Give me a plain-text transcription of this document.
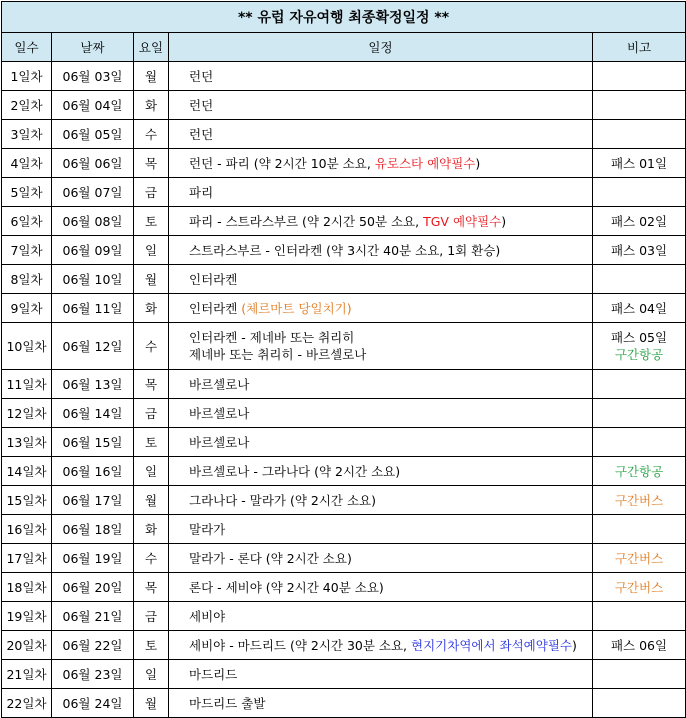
** 유럽 자유여행 최종확정일정 **				
일수	날짜	요일	일정	비고
1일차	06월 03일	월	런던	

2일차	06월 04일	화	런던	

3일차	06월 05일	수	런던	

4일차	06월 06일	목	런던 - 파리 (약 2시간 10분 소요, 유로스타 예약필수)	패스 01일

5일차	06월 07일	금	파리	

6일차	06월 08일	토	파리 - 스트라스부르 (약 2시간 50분 소요, TGV 예약필수)	패스 02일

7일차	06월 09일	일	스트라스부르 - 인터라켄 (약 3시간 40분 소요, 1회 환승)	패스 03일

8일차	06월 10일	월	인터라켄	

9일차	06월 11일	화	인터라켄 (체르마트 당일치기)	패스 04일

10일차	06월 12일	수	인터라켄 - 제네바 또는 취리히
제네바 또는 취리히 - 바르셀로나	패스 05일
구간항공

11일차	06월 13일	목	바르셀로나	

12일차	06월 14일	금	바르셀로나	

13일차	06월 15일	토	바르셀로나	

14일차	06월 16일	일	바르셀로나 - 그라나다 (약 2시간 소요)	구간항공

15일차	06월 17일	월	그라나다 - 말라가 (약 2시간 소요)	구간버스

16일차	06월 18일	화	말라가	

17일차	06월 19일	수	말라가 - 론다 (약 2시간 소요)	구간버스

18일차	06월 20일	목	론다 - 세비야 (약 2시간 40분 소요)	구간버스

19일차	06월 21일	금	세비야	

20일차	06월 22일	토	세비야 - 마드리드 (약 2시간 30분 소요, 현지기차역에서 좌석예약필수)	패스 06일

21일차	06월 23일	일	마드리드	

22일차	06월 24일	월	마드리드 출발	
